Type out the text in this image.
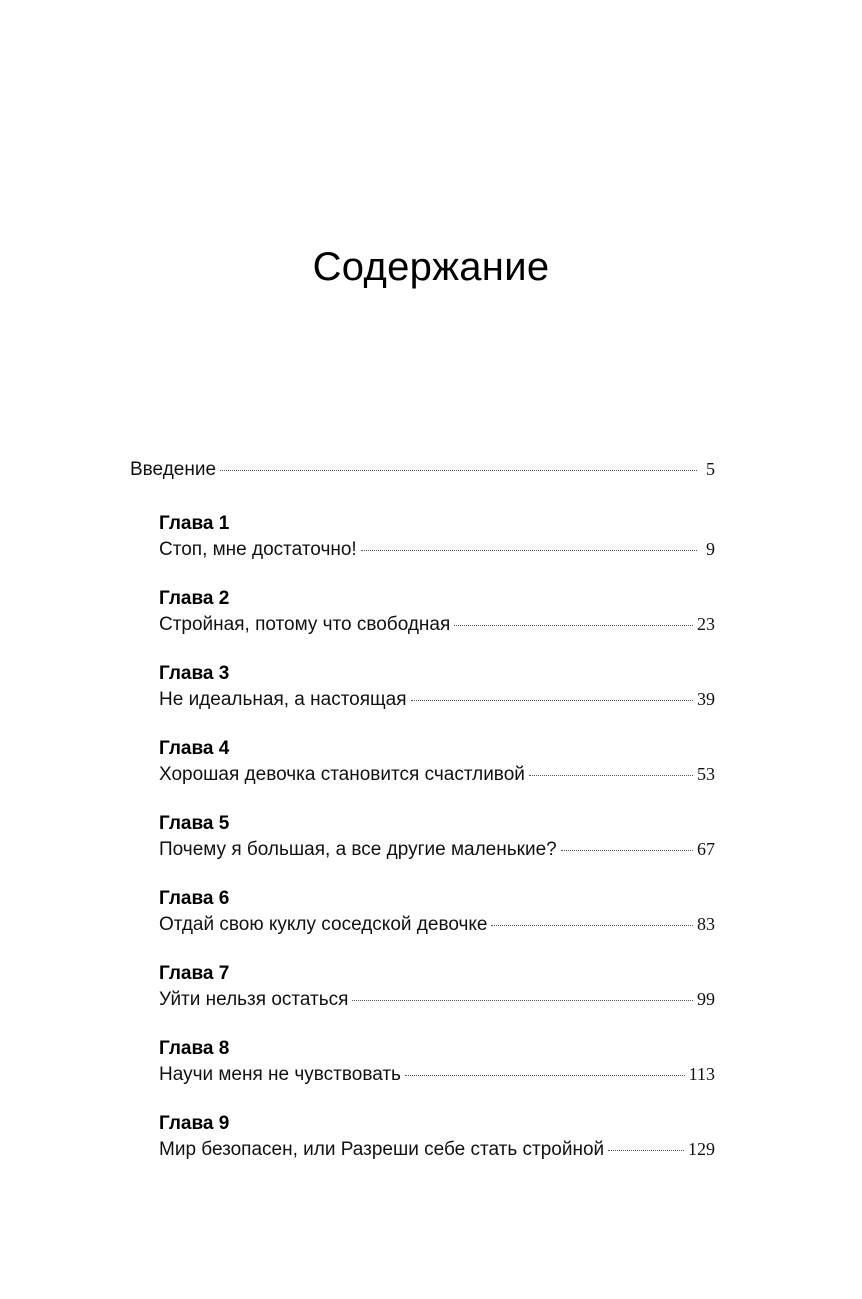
Содержание
Введение	5
Глава 1
Стоп, мне достаточно!	9
Глава 2
Стройная, потому что свободная	23
Глава 3
Не идеальная, а настоящая	39
Глава 4
Хорошая девочка становится счастливой	53
Глава 5
Почему я большая, а все другие маленькие?	67
Глава 6
Отдай свою куклу соседской девочке	83
Глава 7
Уйти нельзя остаться	99
Глава 8
Научи меня не чувствовать	113
Глава 9
Мир безопасен, или Разреши себе стать стройной	129
